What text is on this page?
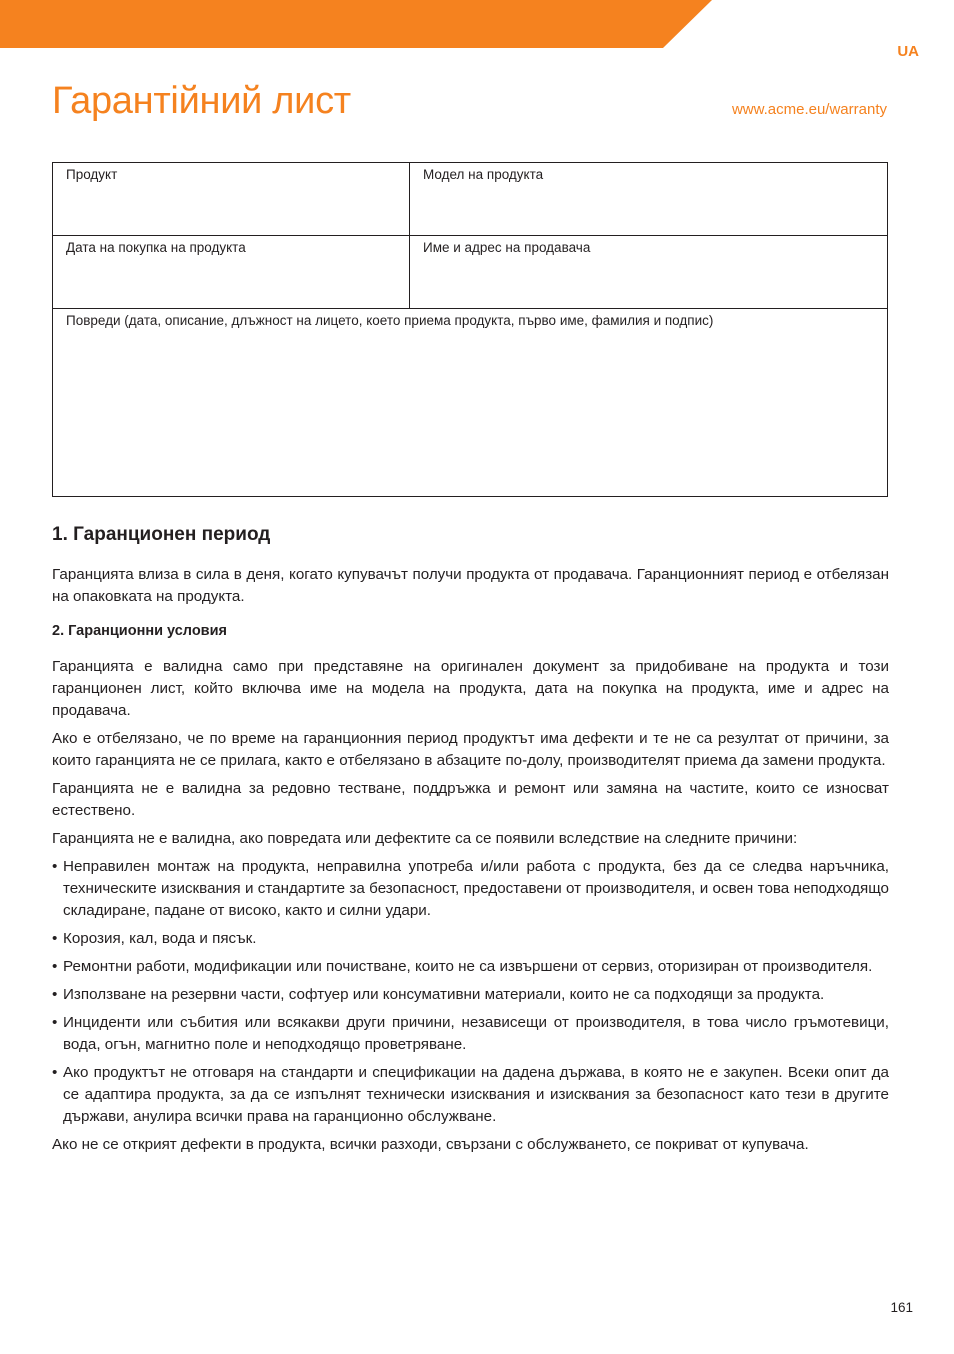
UA
Гарантійний лист	www.acme.eu/warranty
Продукт	Модел на продукта
Дата на покупка на продукта	Име и адрес на продавача
Повреди (дата, описание, длъжност на лицето, което приема продукта, първо име, фамилия и подпис)	
1. Гаранционен период

Гаранцията влиза в сила в деня, когато купувачът получи продукта от продавача. Гаранционният период е отбелязан на опаковката на продукта.

2. Гаранционни условия

Гаранцията е валидна само при представяне на оригинален документ за придобиване на продукта и този гаранционен лист, който включва име на модела на продукта, дата на покупка на продукта, име и адрес на продавача.

Ако е отбелязано, че по време на гаранционния период продуктът има дефекти и те не са резултат от причини, за които гаранцията не се прилага, както е отбелязано в абзаците по-долу, производителят приема да замени продукта.

Гаранцията не е валидна за редовно тестване, поддръжка и ремонт или замяна на частите, които се износват естествено.

Гаранцията не е валидна, ако повредата или дефектите са се появили вследствие на следните причини:

• Неправилен монтаж на продукта, неправилна употреба и/или работа с продукта, без да се следва наръчника, техническите изисквания и стандартите за безопасност, предоставени от производителя, и освен това неподходящо складиране, падане от високо, както и силни удари.
• Корозия, кал, вода и пясък.
• Ремонтни работи, модификации или почистване, които не са извършени от сервиз, оторизиран от производителя.
• Използване на резервни части, софтуер или консумативни материали, които не са подходящи за продукта.
• Инциденти или събития или всякакви други причини, независещи от производителя, в това число гръмотевици, вода, огън, магнитно поле и неподходящо проветряване.
• Ако продуктът не отговаря на стандарти и спецификации на дадена държава, в която не е закупен. Всеки опит да се адаптира продукта, за да се изпълнят технически изисквания и изисквания за безопасност като тези в другите държави, анулира всички права на гаранционно обслужване.

Ако не се открият дефекти в продукта, всички разходи, свързани с обслужването, се покриват от купувача.

161
